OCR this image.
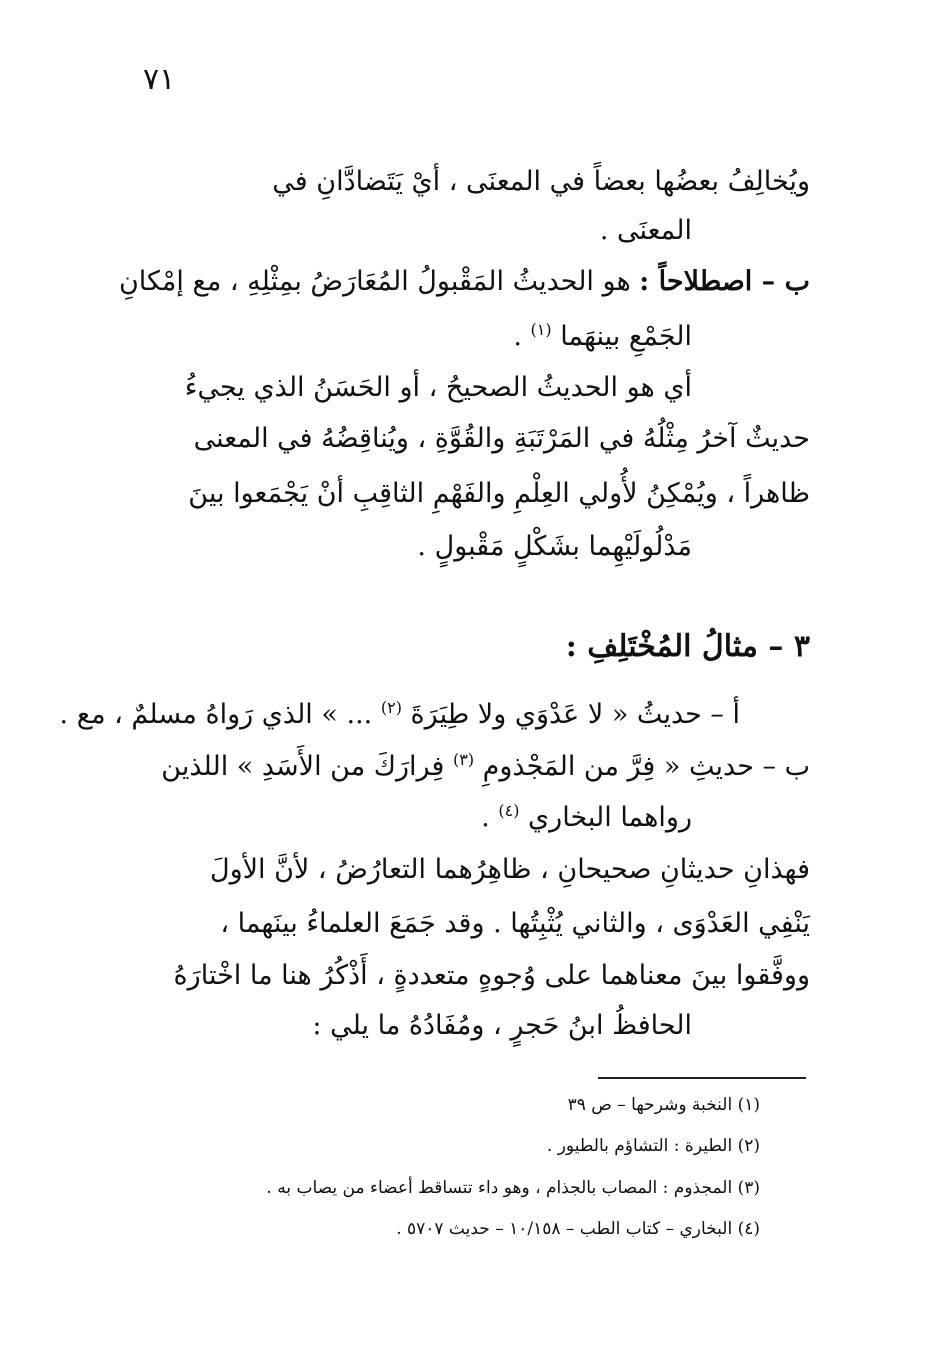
٧١
ويُخالِفُ بعضُها بعضاً في المعنَى ، أيْ يَتَضادَّانِ في
المعنَى .
ب – اصطلاحاً : هو الحديثُ المَقْبولُ المُعَارَضُ بمِثْلِهِ ، مع إمْكانِ
الجَمْعِ بينهَما $^{(١)}$ .
أي هو الحديثُ الصحيحُ ، أو الحَسَنُ الذي يجيءُ
حديثٌ آخرُ مِثْلُهُ في المَرْتَبَةِ والقُوَّةِ ، ويُناقِضُهُ في المعنى
ظاهراً ، ويُمْكِنُ لأُولي العِلْمِ والفَهْمِ الثاقِبِ أنْ يَجْمَعوا بينَ
مَدْلُولَيْهِما بشَكْلٍ مَقْبولٍ .
٣ – مثالُ المُخْتَلِفِ :
أ – حديثُ « لا عَدْوَي ولا طِيَرَةَ $^{(٢)}$ ... » الذي رَواهُ مسلمٌ ، مع .
ب – حديثِ « فِرَّ من المَجْذومِ $^{(٣)}$ فِرارَكَ من الأَسَدِ » اللذين
رواهما البخاري $^{(٤)}$ .
فهذانِ حديثانِ صحيحانِ ، ظاهِرُهما التعارُضُ ، لأنَّ الأولَ
يَنْفِي العَدْوَى ، والثاني يُثْبِتُها . وقد جَمَعَ العلماءُ بينَهما ،
ووفَّقوا بينَ معناهما على وُجوهٍ متعددةٍ ، أَذْكُرُ هنا ما اخْتارَهُ
الحافظُ ابنُ حَجرٍ ، ومُفَادُهُ ما يلي :
(١) النخبة وشرحها – ص ٣٩
(٢) الطيرة : التشاؤم بالطيور .
(٣) المجذوم : المصاب بالجذام ، وهو داء تتساقط أعضاء من يصاب به .
(٤) البخاري – كتاب الطب – ١٠/١٥٨ – حديث ٥٧٠٧ .
